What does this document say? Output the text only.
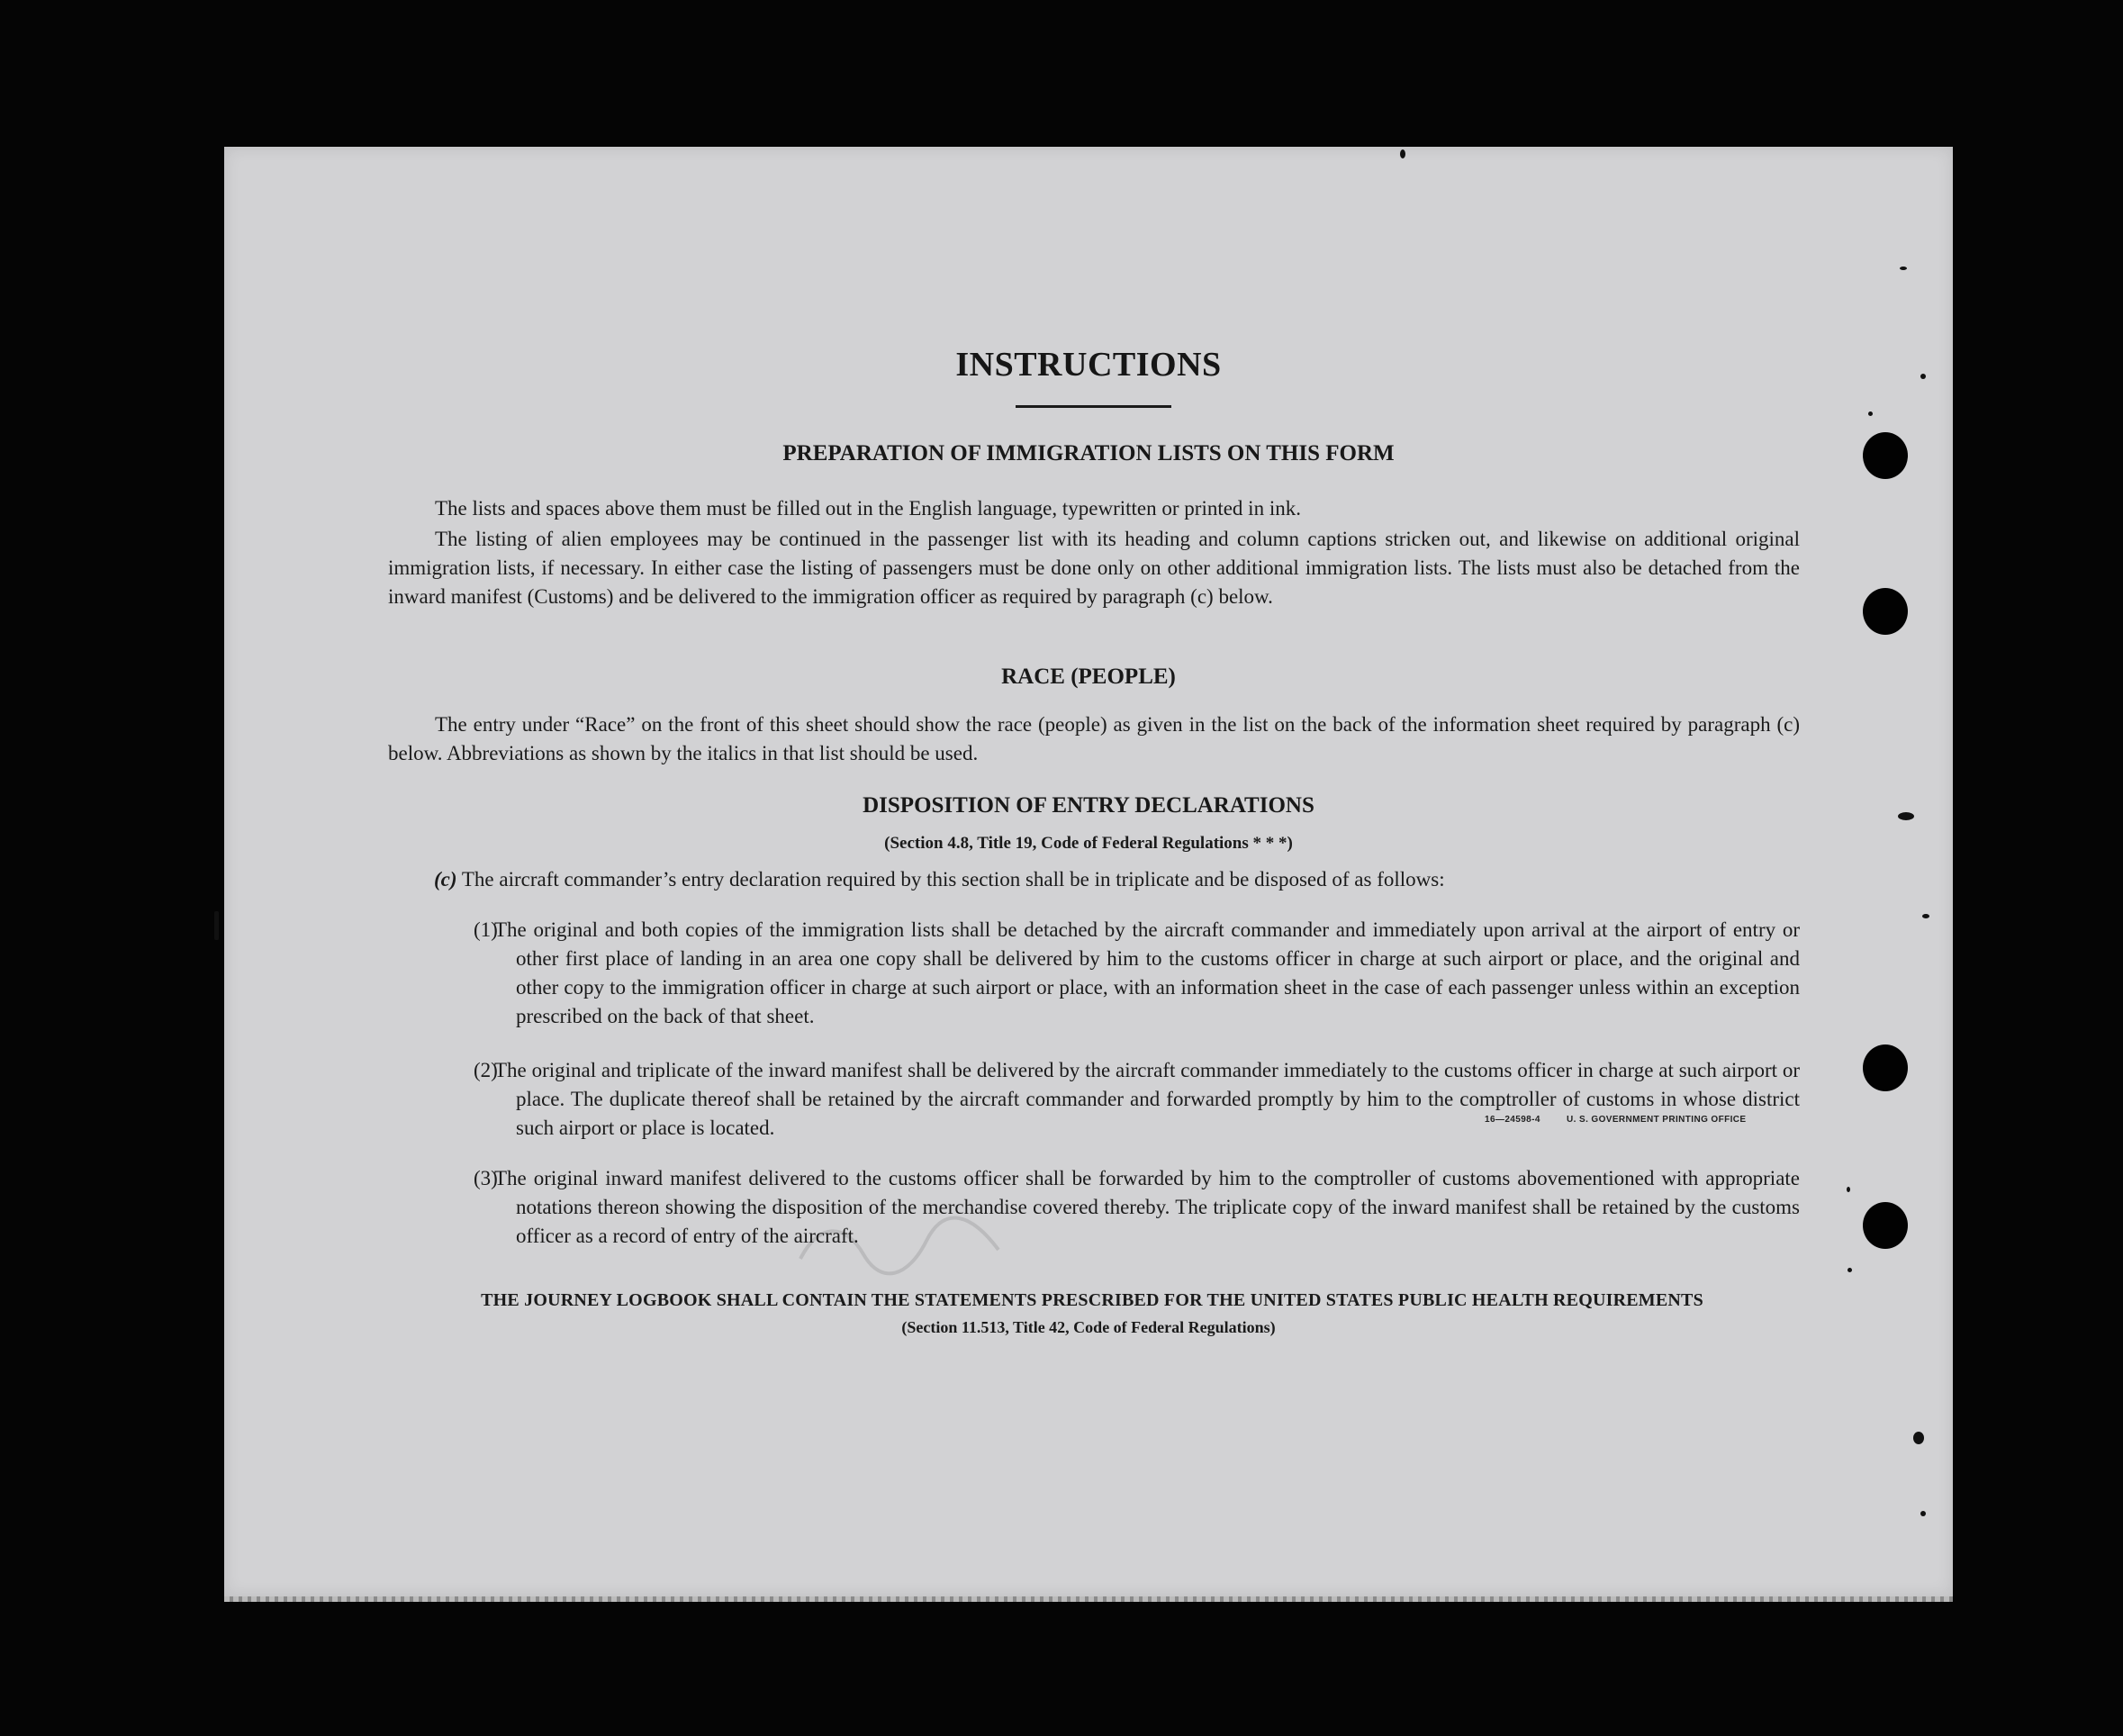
INSTRUCTIONS
PREPARATION OF IMMIGRATION LISTS ON THIS FORM

The lists and spaces above them must be filled out in the English language, typewritten or printed in ink.

The listing of alien employees may be continued in the passenger list with its heading and column captions stricken out, and likewise on additional original immigration lists, if necessary. In either case the listing of passengers must be done only on other additional immigration lists. The lists must also be detached from the inward manifest (Customs) and be delivered to the immigration officer as required by paragraph (c) below.

RACE (PEOPLE)

The entry under “Race” on the front of this sheet should show the race (people) as given in the list on the back of the information sheet required by paragraph (c) below. Abbreviations as shown by the italics in that list should be used.

DISPOSITION OF ENTRY DECLARATIONS
(Section 4.8, Title 19, Code of Federal Regulations * * *)

(c) The aircraft commander’s entry declaration required by this section shall be in triplicate and be disposed of as follows:

(1)
The original and both copies of the immigration lists shall be detached by the aircraft commander and immediately upon arrival at the airport of entry or other first place of landing in an area one copy shall be delivered by him to the customs officer in charge at such airport or place, and the original and other copy to the immigration officer in charge at such airport or place, with an information sheet in the case of each passenger unless within an exception prescribed on the back of that sheet.
(2)
The original and triplicate of the inward manifest shall be delivered by the aircraft commander immediately to the customs officer in charge at such airport or place. The duplicate thereof shall be retained by the aircraft commander and forwarded promptly by him to the comptroller of customs in whose district such airport or place is located.
(3)
The original inward manifest delivered to the customs officer shall be forwarded by him to the comptroller of customs abovementioned with appropriate notations thereon showing the disposition of the merchandise covered thereby. The triplicate copy of the inward manifest shall be retained by the customs officer as a record of entry of the aircraft.
THE JOURNEY LOGBOOK SHALL CONTAIN THE STATEMENTS PRESCRIBED FOR THE UNITED STATES PUBLIC HEALTH REQUIREMENTS
(Section 11.513, Title 42, Code of Federal Regulations)
16—24598-4	U. S. GOVERNMENT PRINTING OFFICE
